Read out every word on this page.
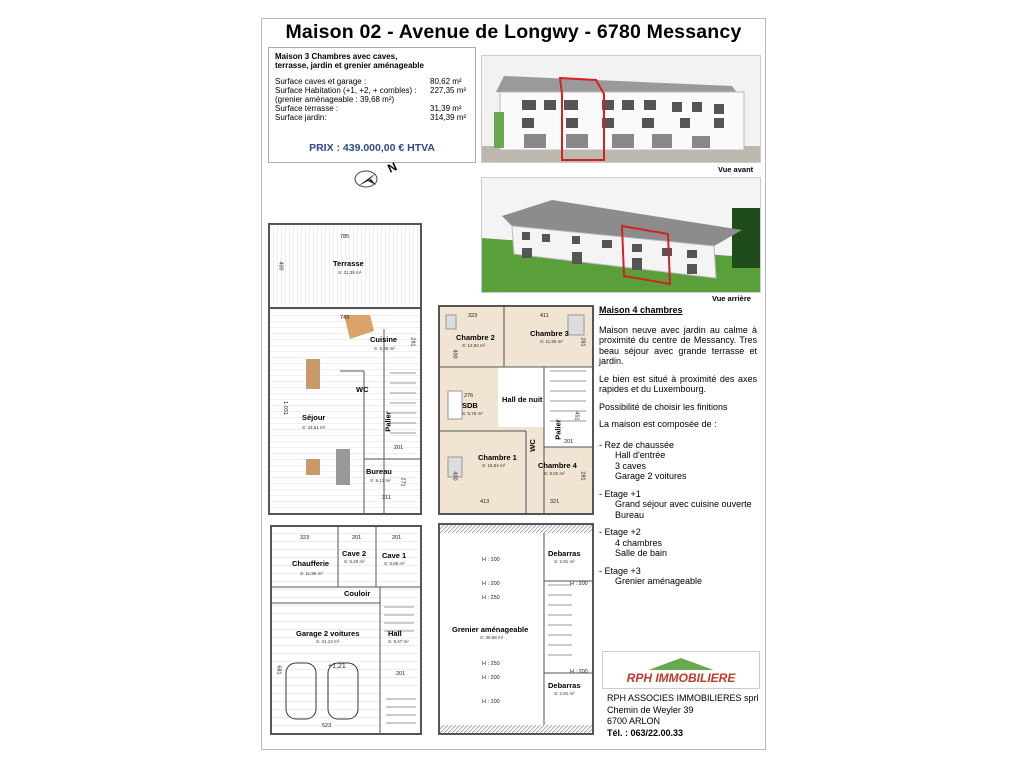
Maison 02 - Avenue de Longwy - 6780 Messancy
Maison 3 Chambres avec caves,
terrasse, jardin et grenier aménageable
Surface caves et garage :	80,62 m²
Surface Habitation (+1, +2, + combles) : 227,35 m²
(grenier aménageable : 39,68 m²)
Surface terrasse :	31,39 m²
Surface jardin:	314,39 m²
PRIX : 439.000,00 € HTVA
N	Vue avant
Vue arrière
785
400	Terrasse
S: 31,39 m²
743
Cuisine
S: 8,90 m²
281
WC
1.031
Séjour
S: 43,61 m²	Palier
201
Bureau
S: 9,13 m² 271
311
323	411
Chambre 2
S: 12,92 m²
Chambre 3
S: 11,95 m²	281
400
276
SDB
S: 5,78 m²
Hall de nuit
451
WC
Palier
201
Chambre 1
S: 16,54 m²
400
Chambre 4
S: 9,02 m²	281
413	321
323	201	201
Chaufferie
S: 11,96 m²
Cave 2
S: 5,20 m²
Cave 1
S: 5,65 m²
Couloir
Garage 2 voitures
S: 31,13 m²
Hall
S: 9,47 m²
+1,21
681	201
523
H : 100
H : 200
H : 250
Debarras
S: 2,91 m²
H : 200
Grenier aménageable
S: 39,68 m²
H : 250
H : 200
H : 200
Debarras
S: 2,91 m²
H : 100
Maison 4 chambres

Maison neuve avec jardin au calme à proximité du centre de Messancy. Tres beau séjour avec grande terrasse et jardin.

Le bien est situé à proximité des axes rapides et du Luxembourg.

Possibilité de choisir les finitions

La maison est composée de :

- Rez de chaussée
Hall d'entrée
3 caves
Garage 2 voitures
- Etage +1
Grand séjour avec cuisine ouverte
Bureau
- Etage +2
4 chambres
Salle de bain
- Etage +3
Grenier aménageable
RPH IMMOBILIERE
RPH ASSOCIES IMMOBILIERES sprl
Chemin de Weyler 39
6700 ARLON
Tél. : 063/22.00.33
